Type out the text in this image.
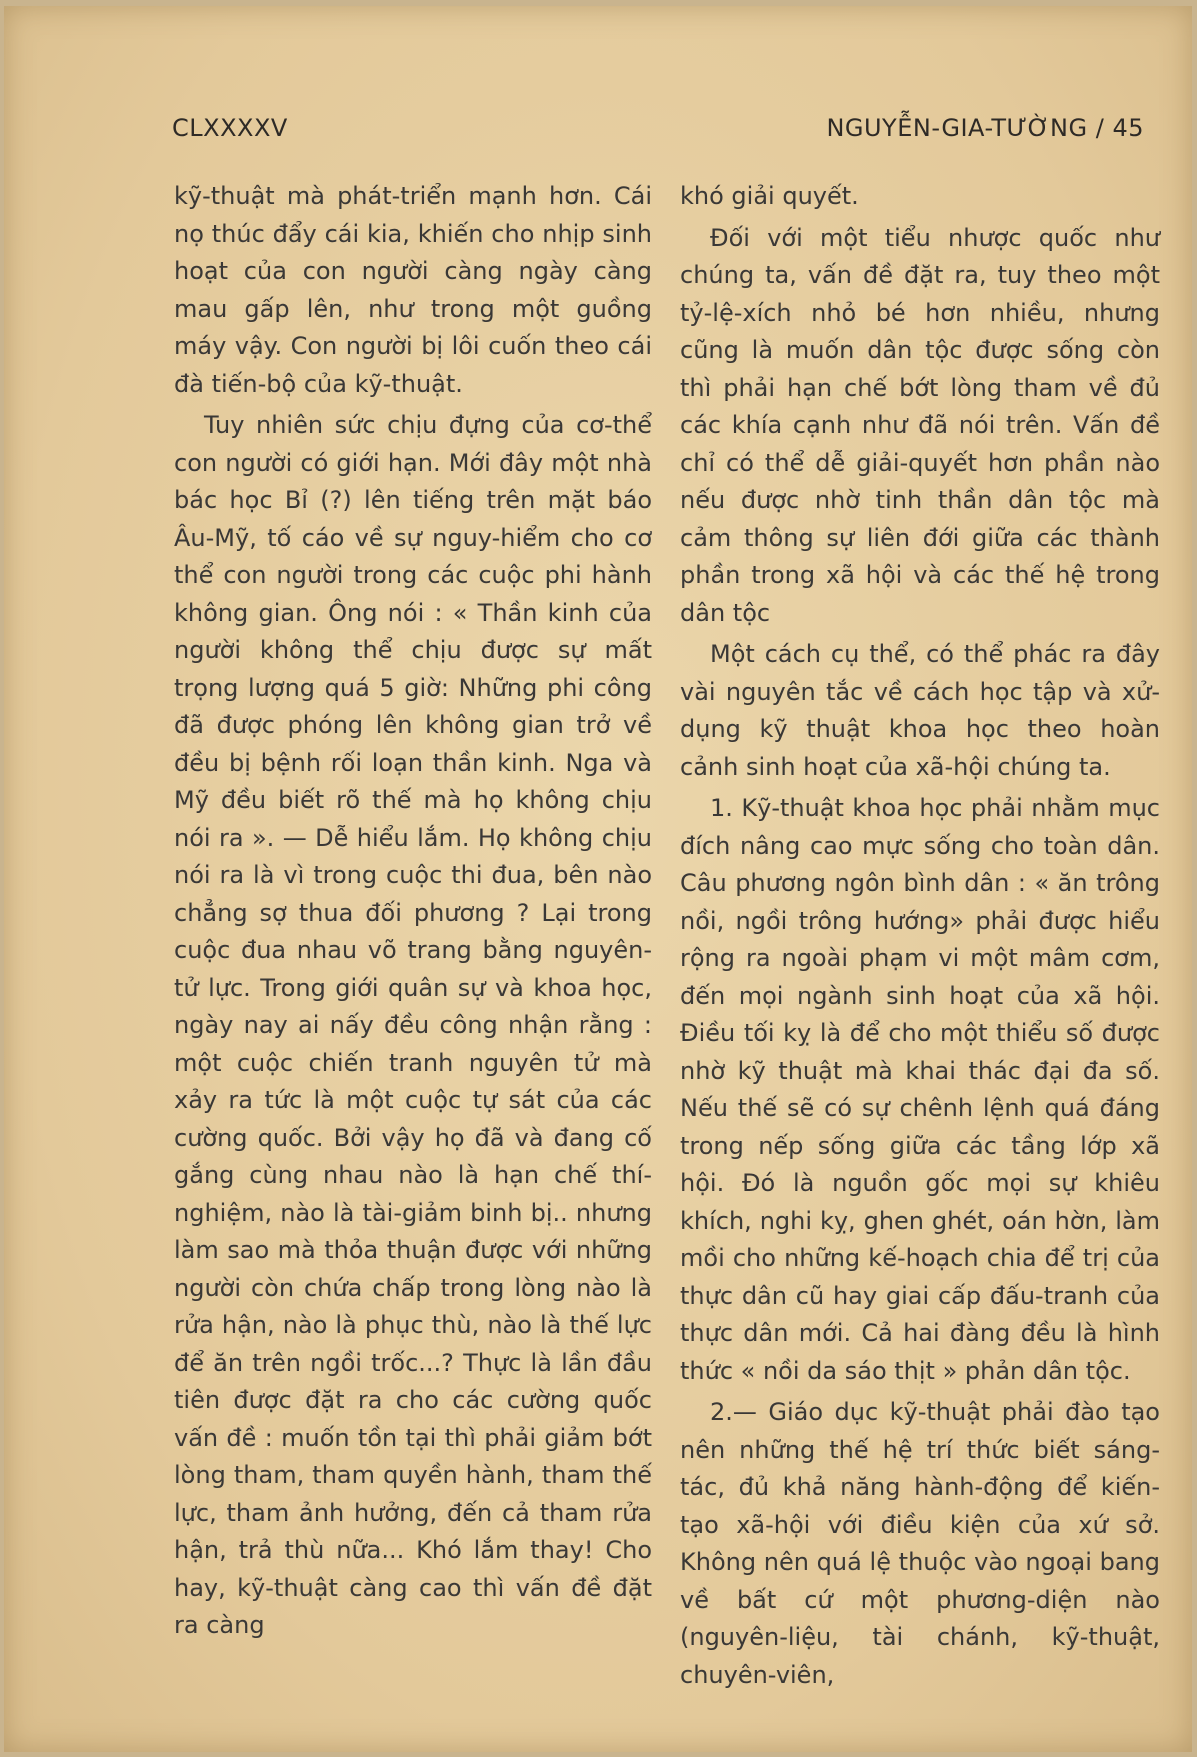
CLXXXXV	NGUYỄN-GIA-TƯỜNG / 45

kỹ-thuật mà phát-triển mạnh hơn. Cái nọ thúc đẩy cái kia, khiến cho nhịp sinh hoạt của con người càng ngày càng mau gấp lên, như trong một guồng máy vậy. Con người bị lôi cuốn theo cái đà tiến-bộ của kỹ-thuật.

Tuy nhiên sức chịu đựng của cơ-thể con người có giới hạn. Mới đây một nhà bác học Bỉ (?) lên tiếng trên mặt báo Âu-Mỹ, tố cáo về sự nguy-hiểm cho cơ thể con người trong các cuộc phi hành không gian. Ông nói : « Thần kinh của người không thể chịu được sự mất trọng lượng quá 5 giờ: Những phi công đã được phóng lên không gian trở về đều bị bệnh rối loạn thần kinh. Nga và Mỹ đều biết rõ thế mà họ không chịu nói ra ». — Dễ hiểu lắm. Họ không chịu nói ra là vì trong cuộc thi đua, bên nào chẳng sợ thua đối phương ? Lại trong cuộc đua nhau võ trang bằng nguyên-tử lực. Trong giới quân sự và khoa học, ngày nay ai nấy đều công nhận rằng : một cuộc chiến tranh nguyên tử mà xảy ra tức là một cuộc tự sát của các cường quốc. Bởi vậy họ đã và đang cố gắng cùng nhau nào là hạn chế thí-nghiệm, nào là tài-giảm binh bị.. nhưng làm sao mà thỏa thuận được với những người còn chứa chấp trong lòng nào là rửa hận, nào là phục thù, nào là thế lực để ăn trên ngồi trốc...? Thực là lần đầu tiên được đặt ra cho các cường quốc vấn đề : muốn tồn tại thì phải giảm bớt lòng tham, tham quyền hành, tham thế lực, tham ảnh hưởng, đến cả tham rửa hận, trả thù nữa... Khó lắm thay! Cho hay, kỹ-thuật càng cao thì vấn đề đặt ra càng

khó giải quyết.

Đối với một tiểu nhược quốc như chúng ta, vấn đề đặt ra, tuy theo một tỷ-lệ-xích nhỏ bé hơn nhiều, nhưng cũng là muốn dân tộc được sống còn thì phải hạn chế bớt lòng tham về đủ các khía cạnh như đã nói trên. Vấn đề chỉ có thể dễ giải-quyết hơn phần nào nếu được nhờ tinh thần dân tộc mà cảm thông sự liên đới giữa các thành phần trong xã hội và các thế hệ trong dân tộc

Một cách cụ thể, có thể phác ra đây vài nguyên tắc về cách học tập và xử-dụng kỹ thuật khoa học theo hoàn cảnh sinh hoạt của xã-hội chúng ta.

1. Kỹ-thuật khoa học phải nhằm mục đích nâng cao mực sống cho toàn dân. Câu phương ngôn bình dân : « ăn trông nồi, ngồi trông hướng» phải được hiểu rộng ra ngoài phạm vi một mâm cơm, đến mọi ngành sinh hoạt của xã hội. Điều tối kỵ là để cho một thiểu số được nhờ kỹ thuật mà khai thác đại đa số. Nếu thế sẽ có sự chênh lệnh quá đáng trong nếp sống giữa các tầng lớp xã hội. Đó là nguồn gốc mọi sự khiêu khích, nghi kỵ, ghen ghét, oán hờn, làm mồi cho những kế-hoạch chia để trị của thực dân cũ hay giai cấp đấu-tranh của thực dân mới. Cả hai đàng đều là hình thức « nồi da sáo thịt » phản dân tộc.

2.— Giáo dục kỹ-thuật phải đào tạo nên những thế hệ trí thức biết sáng-tác, đủ khả năng hành-động để kiến-tạo xã-hội với điều kiện của xứ sở. Không nên quá lệ thuộc vào ngoại bang về bất cứ một phương-diện nào (nguyên-liệu, tài chánh, kỹ-thuật, chuyên-viên,
